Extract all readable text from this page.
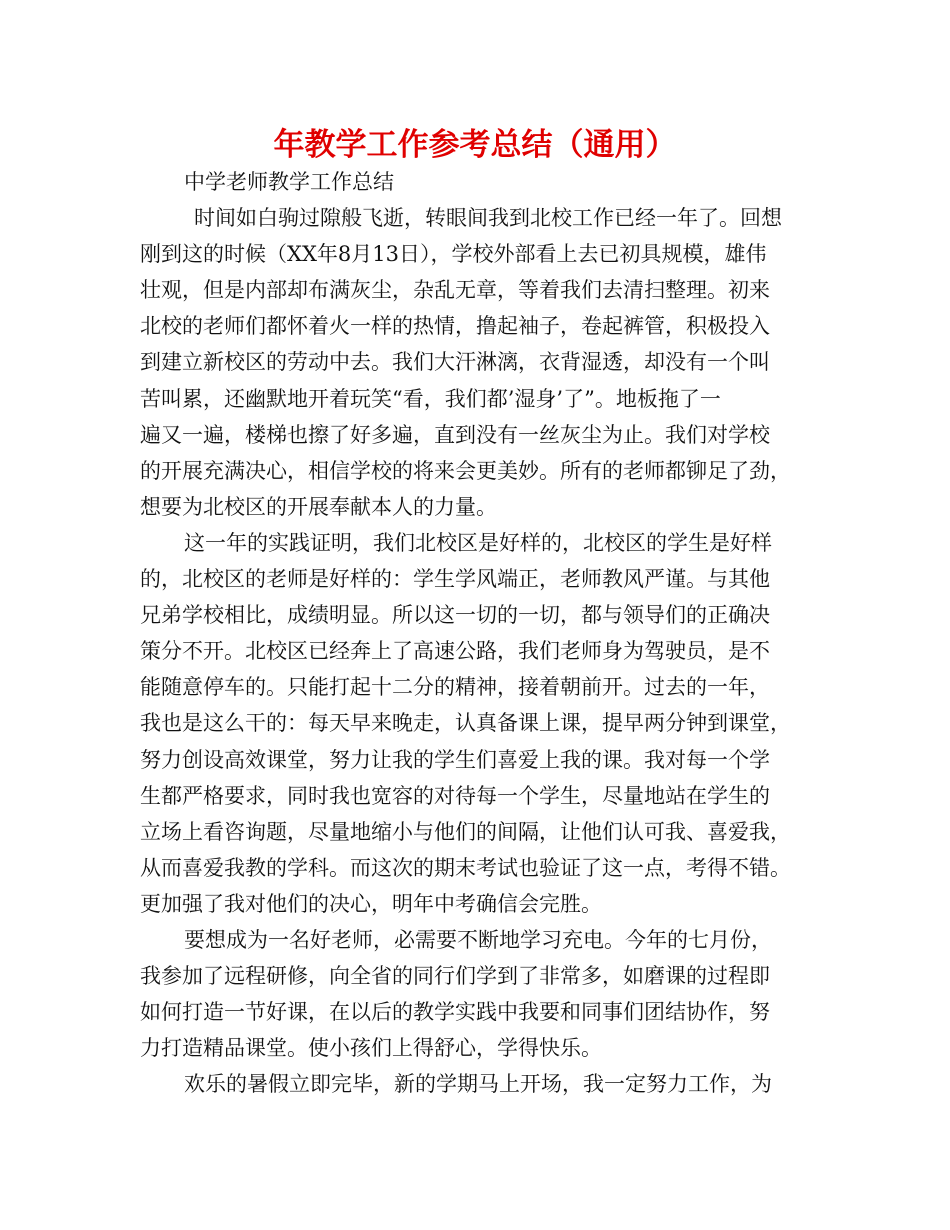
年教学工作参考总结（通用）
中学老师教学工作总结
时间如白驹过隙般飞逝，转眼间我到北校工作已经一年了。回想
刚到这的时候（XX年8月13日），学校外部看上去已初具规模，雄伟
壮观，但是内部却布满灰尘，杂乱无章，等着我们去清扫整理。初来
北校的老师们都怀着火一样的热情，撸起袖子，卷起裤管，积极投入
到建立新校区的劳动中去。我们大汗淋漓，衣背湿透，却没有一个叫
苦叫累，还幽默地开着玩笑“看，我们都’湿身’了”。地板拖了一
遍又一遍，楼梯也擦了好多遍，直到没有一丝灰尘为止。我们对学校
的开展充满决心，相信学校的将来会更美妙。所有的老师都铆足了劲，
想要为北校区的开展奉献本人的力量。
这一年的实践证明，我们北校区是好样的，北校区的学生是好样
的，北校区的老师是好样的：学生学风端正，老师教风严谨。与其他
兄弟学校相比，成绩明显。所以这一切的一切，都与领导们的正确决
策分不开。北校区已经奔上了高速公路，我们老师身为驾驶员，是不
能随意停车的。只能打起十二分的精神，接着朝前开。过去的一年，
我也是这么干的：每天早来晚走，认真备课上课，提早两分钟到课堂，
努力创设高效课堂，努力让我的学生们喜爱上我的课。我对每一个学
生都严格要求，同时我也宽容的对待每一个学生，尽量地站在学生的
立场上看咨询题，尽量地缩小与他们的间隔，让他们认可我、喜爱我，
从而喜爱我教的学科。而这次的期末考试也验证了这一点，考得不错。
更加强了我对他们的决心，明年中考确信会完胜。
要想成为一名好老师，必需要不断地学习充电。今年的七月份，
我参加了远程研修，向全省的同行们学到了非常多，如磨课的过程即
如何打造一节好课，在以后的教学实践中我要和同事们团结协作，努
力打造精品课堂。使小孩们上得舒心，学得快乐。
欢乐的暑假立即完毕，新的学期马上开场，我一定努力工作，为
